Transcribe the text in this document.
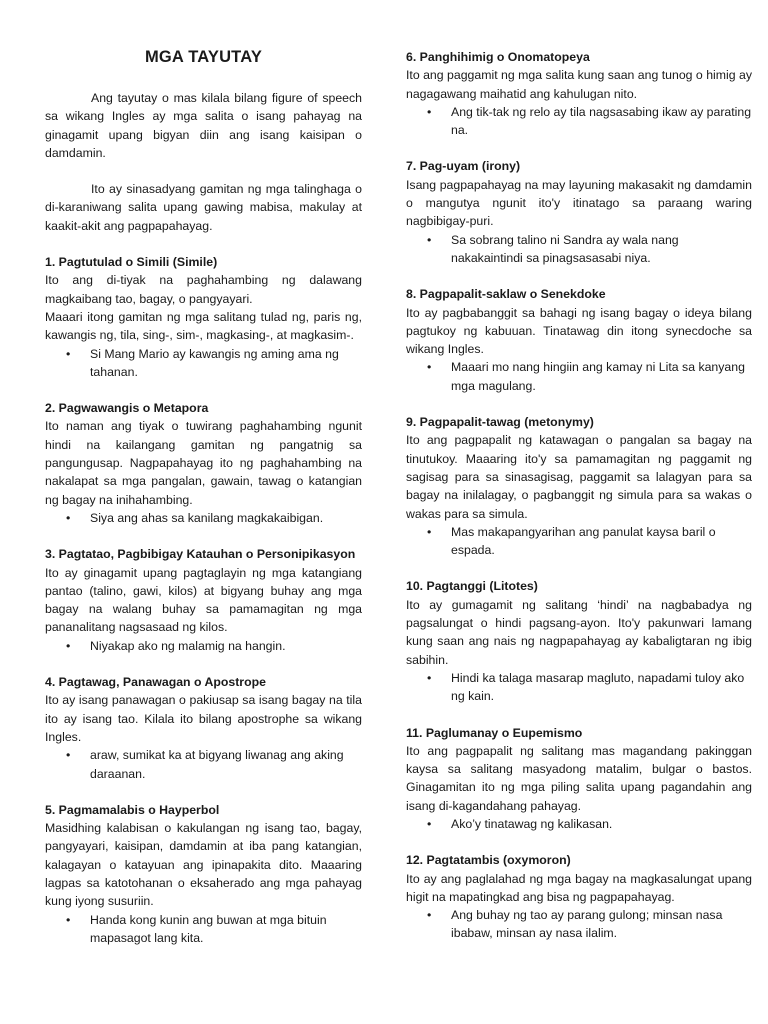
MGA TAYUTAY

Ang tayutay o mas kilala bilang figure of speech sa wikang Ingles ay mga salita o isang pahayag na ginagamit upang bigyan diin ang isang kaisipan o damdamin.

Ito ay sinasadyang gamitan ng mga talinghaga o di-karaniwang salita upang gawing mabisa, makulay at kaakit-akit ang pagpapahayag.

1. Pagtutulad o Simili (Simile)

Ito ang di-tiyak na paghahambing ng dalawang magkaibang tao, bagay, o pangyayari.

Maaari itong gamitan ng mga salitang tulad ng, paris ng, kawangis ng, tila, sing-, sim-, magkasing-, at magkasim-.

• Si Mang Mario ay kawangis ng aming ama ng tahanan.
2. Pagwawangis o Metapora

Ito naman ang tiyak o tuwirang paghahambing ngunit hindi na kailangang gamitan ng pangatnig sa pangungusap. Nagpapahayag ito ng paghahambing na nakalapat sa mga pangalan, gawain, tawag o katangian ng bagay na inihahambing.

• Siya ang ahas sa kanilang magkakaibigan.
3. Pagtatao, Pagbibigay Katauhan o Personipikasyon

Ito ay ginagamit upang pagtaglayin ng mga katangiang pantao (talino, gawi, kilos) at bigyang buhay ang mga bagay na walang buhay sa pamamagitan ng mga pananalitang nagsasaad ng kilos.

• Niyakap ako ng malamig na hangin.
4. Pagtawag, Panawagan o Apostrope

Ito ay isang panawagan o pakiusap sa isang bagay na tila ito ay isang tao. Kilala ito bilang apostrophe sa wikang Ingles.

• araw, sumikat ka at bigyang liwanag ang aking daraanan.
5. Pagmamalabis o Hayperbol

Masidhing kalabisan o kakulangan ng isang tao, bagay, pangyayari, kaisipan, damdamin at iba pang katangian, kalagayan o katayuan ang ipinapakita dito. Maaaring lagpas sa katotohanan o eksaherado ang mga pahayag kung iyong susuriin.

• Handa kong kunin ang buwan at mga bituin mapasagot lang kita.
6. Panghihimig o Onomatopeya

Ito ang paggamit ng mga salita kung saan ang tunog o himig ay nagagawang maihatid ang kahulugan nito.

• Ang tik-tak ng relo ay tila nagsasabing ikaw ay parating na.
7. Pag-uyam (irony)

Isang pagpapahayag na may layuning makasakit ng damdamin o mangutya ngunit ito'y itinatago sa paraang waring nagbibigay-puri.

• Sa sobrang talino ni Sandra ay wala nang nakakaintindi sa pinagsasasabi niya.
8. Pagpapalit-saklaw o Senekdoke

Ito ay pagbabanggit sa bahagi ng isang bagay o ideya bilang pagtukoy ng kabuuan. Tinatawag din itong synecdoche sa wikang Ingles.

• Maaari mo nang hingiin ang kamay ni Lita sa kanyang mga magulang.
9. Pagpapalit-tawag (metonymy)

Ito ang pagpapalit ng katawagan o pangalan sa bagay na tinutukoy. Maaaring ito'y sa pamamagitan ng paggamit ng sagisag para sa sinasagisag, paggamit sa lalagyan para sa bagay na inilalagay, o pagbanggit ng simula para sa wakas o wakas para sa simula.

• Mas makapangyarihan ang panulat kaysa baril o espada.
10. Pagtanggi (Litotes)

Ito ay gumagamit ng salitang ‘hindi’ na nagbabadya ng pagsalungat o hindi pagsang-ayon. Ito'y pakunwari lamang kung saan ang nais ng nagpapahayag ay kabaligtaran ng ibig sabihin.

• Hindi ka talaga masarap magluto, napadami tuloy ako ng kain.
11. Paglumanay o Eupemismo

Ito ang pagpapalit ng salitang mas magandang pakinggan kaysa sa salitang masyadong matalim, bulgar o bastos. Ginagamitan ito ng mga piling salita upang pagandahin ang isang di-kagandahang pahayag.

• Ako’y tinatawag ng kalikasan.
12. Pagtatambis (oxymoron)

Ito ay ang paglalahad ng mga bagay na magkasalungat upang higit na mapatingkad ang bisa ng pagpapahayag.

• Ang buhay ng tao ay parang gulong; minsan nasa ibabaw, minsan ay nasa ilalim.
